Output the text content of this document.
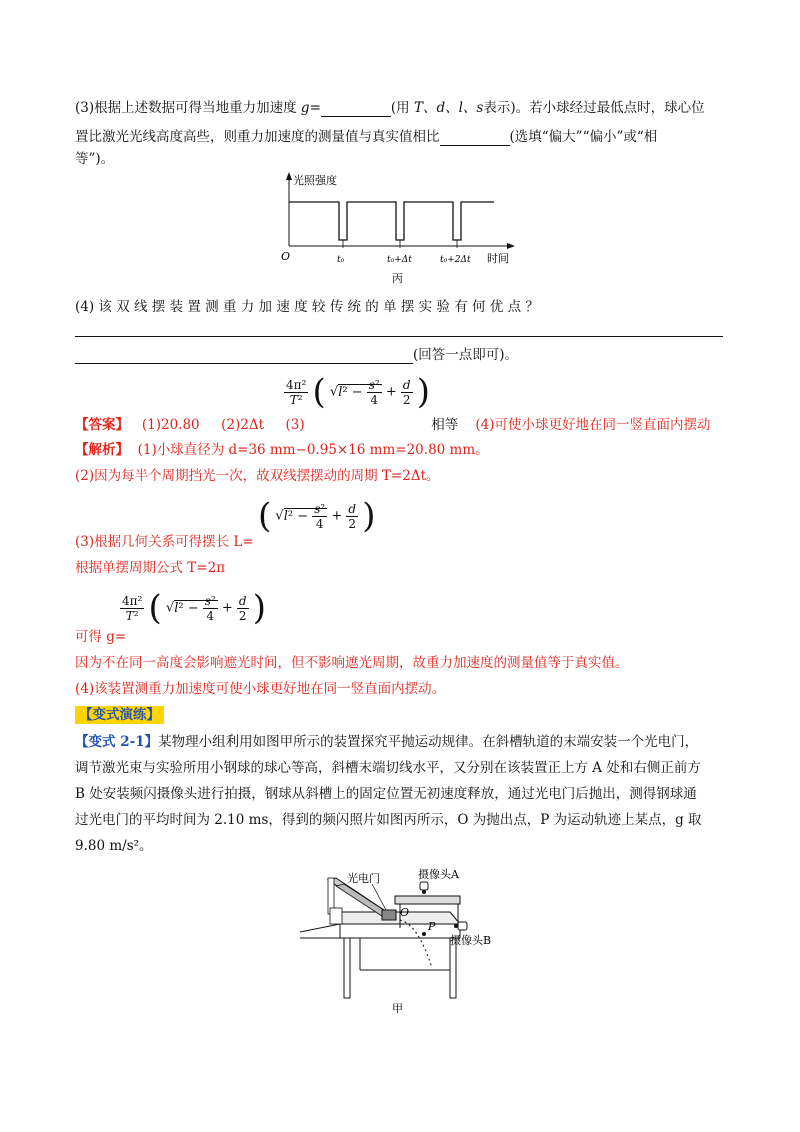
(3)根据上述数据可得当地重力加速度 g=	(用 T、d、l、s表示)。若小球经过最低点时，球心位
置比激光光线高度高些，则重力加速度的测量值与真实值相比	(选填“偏大”“偏小”或“相
等”)。
光照强度
O	t₀	t₀+Δt	t₀+2Δt 时间
丙
(4) 该 双 线 摆 装 置 测 重 力 加 速 度 较 传 统 的 单 摆 实 验 有 何 优 点 ？
(回答一点即可)。
$\frac{\text{4π²}}{\text{T²}}$ ( $√l^2 - \frac{\text{s²}}{4} + \frac{d}{2}$ )
【答案】 (1)20.80 (2)2Δt (3)	相等 (4)可使小球更好地在同一竖直面内摆动
【解析】 (1)小球直径为 d=36 mm−0.95×16 mm=20.80 mm。
(2)因为每半个周期挡光一次，故双线摆摆动的周期 T=2Δt。
( $√l^2 - \frac{\text{s²}}{4} + \frac{d}{2}$ )
(3)根据几何关系可得摆长 L=
根据单摆周期公式 T=2π
$\frac{\text{4π²}}{\text{T²}}$ ( $√l^2 - \frac{\text{s²}}{4} + \frac{d}{2}$ )
可得 g=
因为不在同一高度会影响遮光时间，但不影响遮光周期，故重力加速度的测量值等于真实值。
(4)该装置测重力加速度可使小球更好地在同一竖直面内摆动。
【变式演练】
【变式 2-1】某物理小组利用如图甲所示的装置探究平抛运动规律。在斜槽轨道的末端安装一个光电门，
调节激光束与实验所用小钢球的球心等高，斜槽末端切线水平，又分别在该装置正上方 A 处和右侧正前方
B 处安装频闪摄像头进行拍摄，钢球从斜槽上的固定位置无初速度释放，通过光电门后抛出，测得钢球通
过光电门的平均时间为 2.10 ms，得到的频闪照片如图丙所示，O 为抛出点，P 为运动轨迹上某点，g 取
9.80 m/s²。
摄像头A
光电门
O
P
摄像头B
甲
